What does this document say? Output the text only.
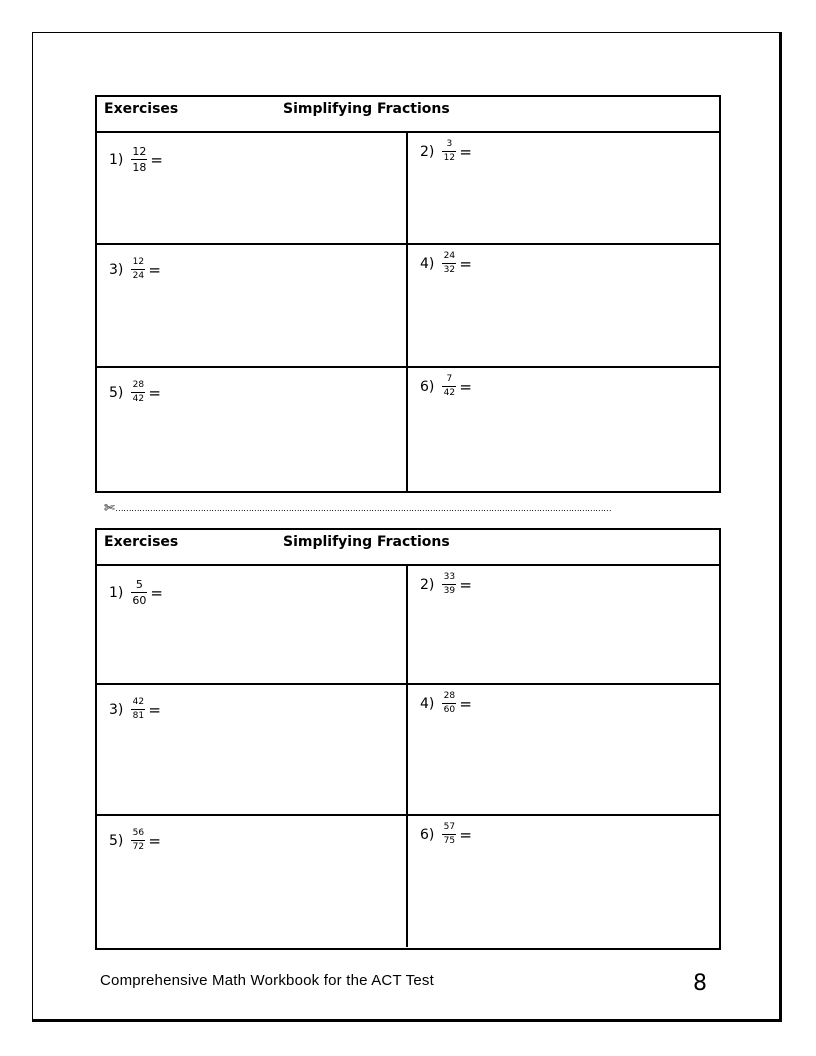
Exercises	Simplifying Fractions
$1) \frac{12}{18}$ =	$2) \frac{3}{12}$ =
$3) \frac{12}{24}$ =	$4) \frac{24}{32}$ =
$5) \frac{28}{42}$ =	$6) \frac{7}{42}$ =
✄……………………………………………………………………………………………………………………………………………………………………
Exercises	Simplifying Fractions
$1) \frac{5}{60}$ =	$2) \frac{33}{39}$ =
$3) \frac{42}{81}$ =	$4) \frac{28}{60}$ =
$5) \frac{56}{72}$ =	$6) \frac{57}{75}$ =
Comprehensive Math Workbook for the ACT Test	8
